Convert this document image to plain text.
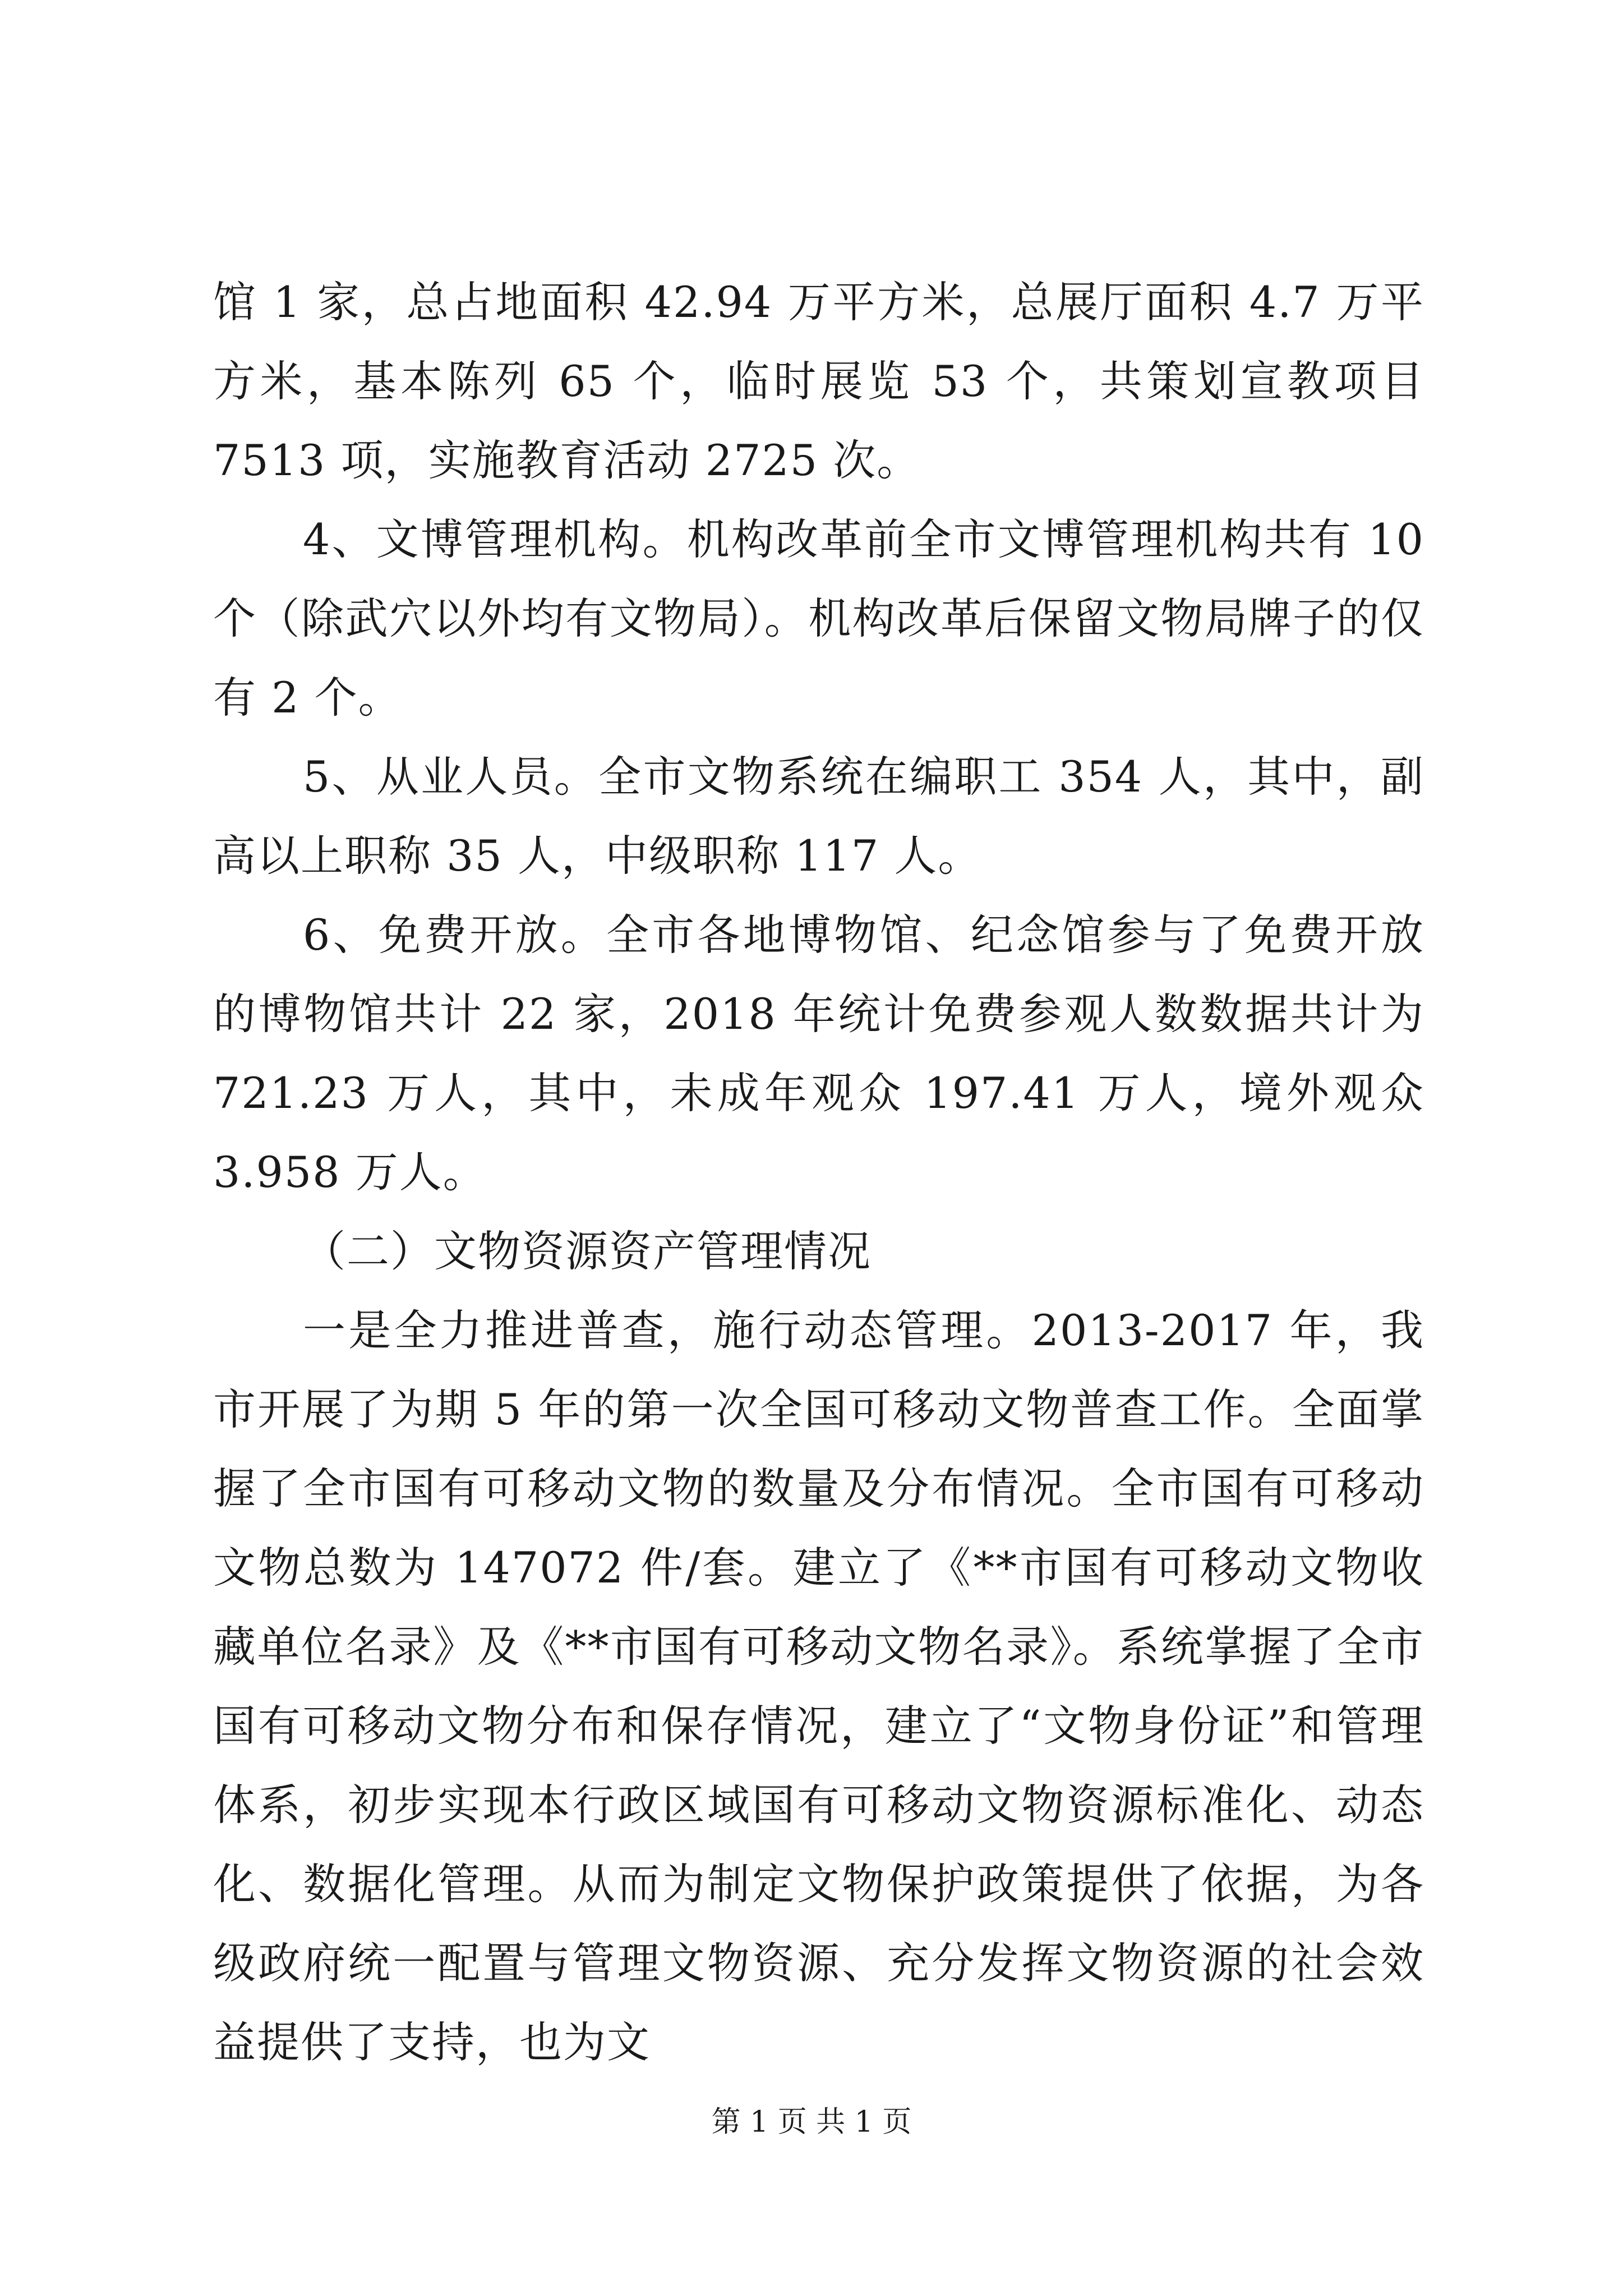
馆 1 家，总占地面积 42.94 万平方米，总展厅面积 4.7 万平方米，基本陈列 65 个，临时展览 53 个，共策划宣教项目 7513 项，实施教育活动 2725 次。

4、文博管理机构。机构改革前全市文博管理机构共有 10 个（除武穴以外均有文物局）。机构改革后保留文物局牌子的仅有 2 个。

5、从业人员。全市文物系统在编职工 354 人，其中，副高以上职称 35 人，中级职称 117 人。

6、免费开放。全市各地博物馆、纪念馆参与了免费开放的博物馆共计 22 家，2018 年统计免费参观人数数据共计为 721.23 万人，其中，未成年观众 197.41 万人，境外观众 3.958 万人。

（二）文物资源资产管理情况

一是全力推进普查，施行动态管理。2013-2017 年，我市开展了为期 5 年的第一次全国可移动文物普查工作。全面掌握了全市国有可移动文物的数量及分布情况。全市国有可移动文物总数为 147072 件/套。建立了《**市国有可移动文物收藏单位名录》及《**市国有可移动文物名录》。系统掌握了全市国有可移动文物分布和保存情况，建立了“文物身份证”和管理体系，初步实现本行政区域国有可移动文物资源标准化、动态化、数据化管理。从而为制定文物保护政策提供了依据，为各级政府统一配置与管理文物资源、充分发挥文物资源的社会效益提供了支持，也为文

第 1 页 共 1 页
